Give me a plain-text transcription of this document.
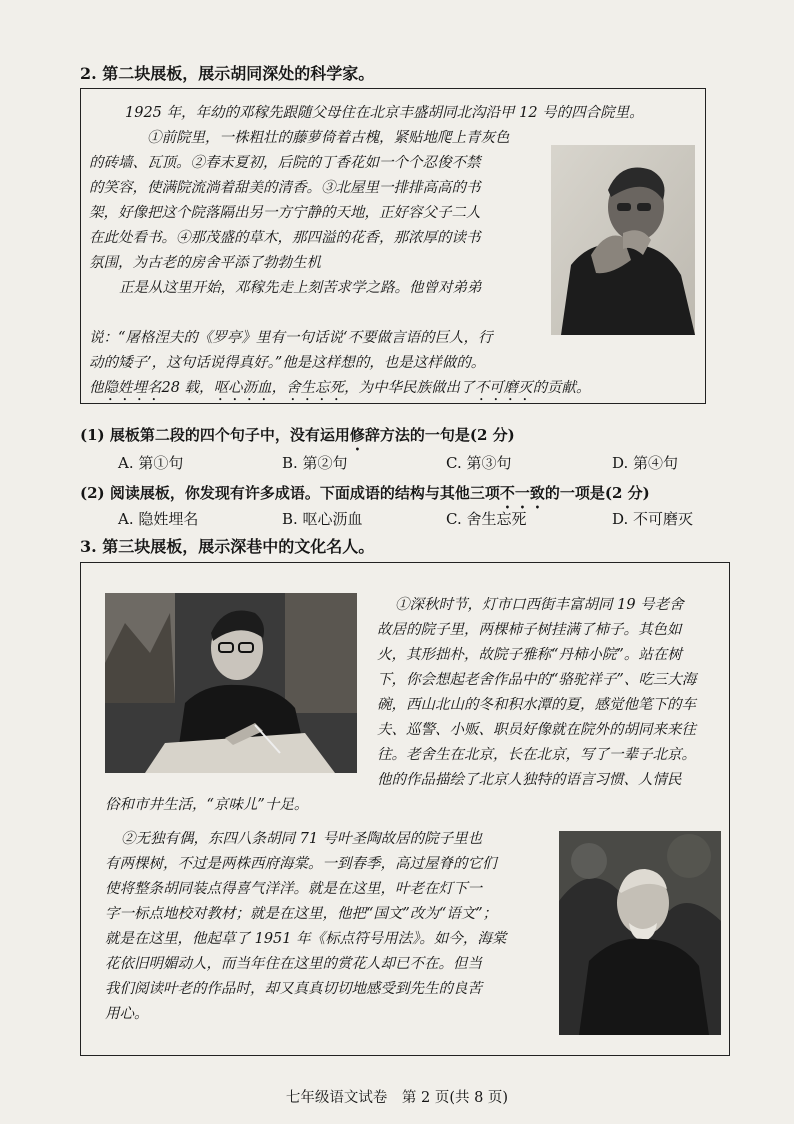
2. 第二块展板，展示胡同深处的科学家。

1925 年，年幼的邓稼先跟随父母住在北京丰盛胡同北沟沿甲 12 号的四合院里。

①前院里，一株粗壮的藤萝倚着古槐，紧贴地爬上青灰色

的砖墙、瓦顶。②春末夏初，后院的丁香花如一个个忍俊不禁

的笑容，使满院流淌着甜美的清香。③北屋里一排排高高的书

架，好像把这个院落隔出另一方宁静的天地，正好容父子二人

在此处看书。④那茂盛的草木，那四溢的花香，那浓厚的读书

氛围，为古老的房舍平添了勃勃生机

正是从这里开始，邓稼先走上刻苦求学之路。他曾对弟弟

说：“屠格涅夫的《罗亭》里有一句话说‘不要做言语的巨人，行

动的矮子’，这句话说得真好。”他是这样想的，也是这样做的。

他隐姓埋名28 载，呕心沥血，舍生忘死，为中华民族做出了不可磨灭的贡献。

(1) 展板第二段的四个句子中，没有运用修辞方法的一句是(2 分)
A. 第①句	B. 第②句	C. 第③句	D. 第④句
(2) 阅读展板，你发现有许多成语。下面成语的结构与其他三项不一致的一项是(2 分)
A. 隐姓埋名	B. 呕心沥血	C. 舍生忘死	D. 不可磨灭
3. 第三块展板，展示深巷中的文化名人。

①深秋时节，灯市口西街丰富胡同 19 号老舍

故居的院子里，两棵柿子树挂满了柿子。其色如

火，其形拙朴，故院子雅称“丹柿小院”。站在树

下，你会想起老舍作品中的“骆驼祥子”、吃三大海

碗，西山北山的冬和积水潭的夏，感觉他笔下的车

夫、巡警、小贩、职员好像就在院外的胡同来来往

往。老舍生在北京，长在北京，写了一辈子北京。

他的作品描绘了北京人独特的语言习惯、人情民

俗和市井生活，“京味儿”十足。

②无独有偶，东四八条胡同 71 号叶圣陶故居的院子里也

有两棵树，不过是两株西府海棠。一到春季，高过屋脊的它们

使将整条胡同装点得喜气洋洋。就是在这里，叶老在灯下一

字一标点地校对教材；就是在这里，他把“国文”改为“语文”；

就是在这里，他起草了 1951 年《标点符号用法》。如今，海棠

花依旧明媚动人，而当年住在这里的赏花人却已不在。但当

我们阅读叶老的作品时，却又真真切切地感受到先生的良苦

用心。

七年级语文试卷　第 2 页(共 8 页)
